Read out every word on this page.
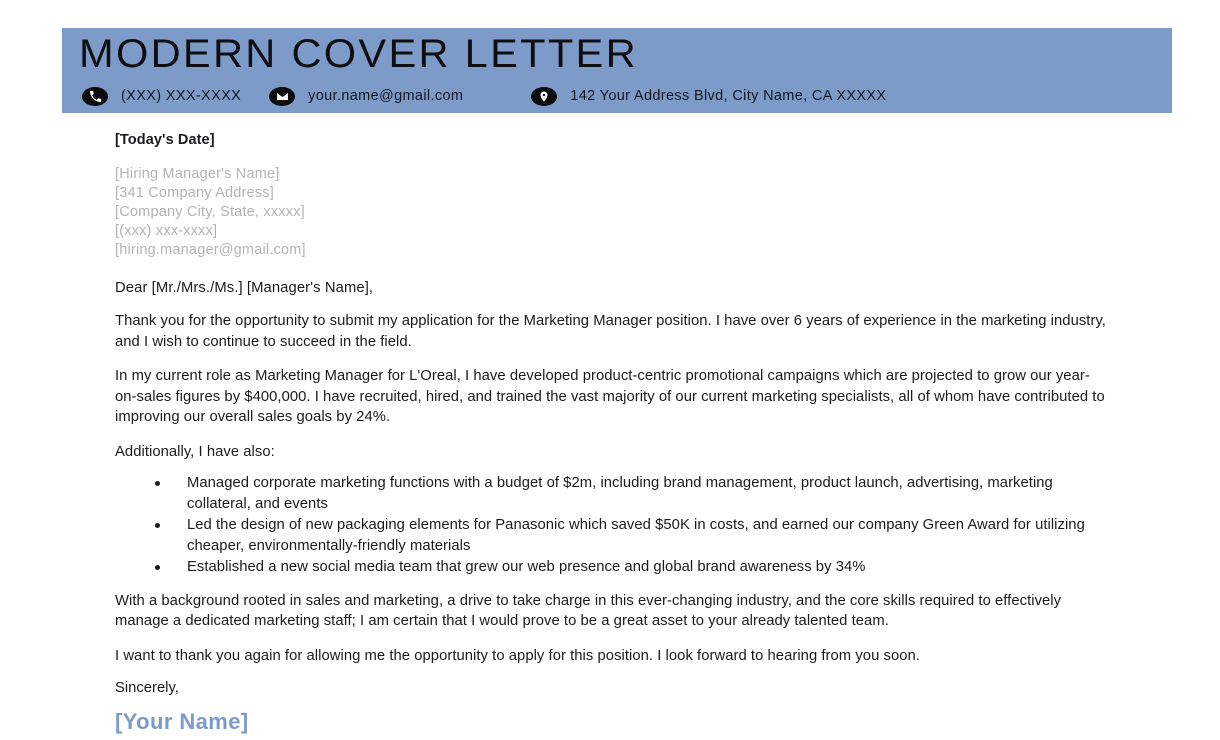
MODERN COVER LETTER
(XXX) XXX-XXXX	your.name@gmail.com	142 Your Address Blvd, City Name, CA XXXXX
[Today's Date]
[Hiring Manager's Name]
[341 Company Address]
[Company City, State, xxxxx]
[(xxx) xxx-xxxx]
[hiring.manager@gmail.com]
Dear [Mr./Mrs./Ms.] [Manager's Name],
Thank you for the opportunity to submit my application for the Marketing Manager position. I have over 6 years of experience in the marketing industry, and I wish to continue to succeed in the field.
In my current role as Marketing Manager for L'Oreal, I have developed product-centric promotional campaigns which are projected to grow our year-on-sales figures by $400,000. I have recruited, hired, and trained the vast majority of our current marketing specialists, all of whom have contributed to improving our overall sales goals by 24%.
Additionally, I have also:
Managed corporate marketing functions with a budget of $2m, including brand management, product launch, advertising, marketing collateral, and events
Led the design of new packaging elements for Panasonic which saved $50K in costs, and earned our company Green Award for utilizing cheaper, environmentally-friendly materials
Established a new social media team that grew our web presence and global brand awareness by 34%
With a background rooted in sales and marketing, a drive to take charge in this ever-changing industry, and the core skills required to effectively manage a dedicated marketing staff; I am certain that I would prove to be a great asset to your already talented team.
I want to thank you again for allowing me the opportunity to apply for this position. I look forward to hearing from you soon.
Sincerely,
[Your Name]
